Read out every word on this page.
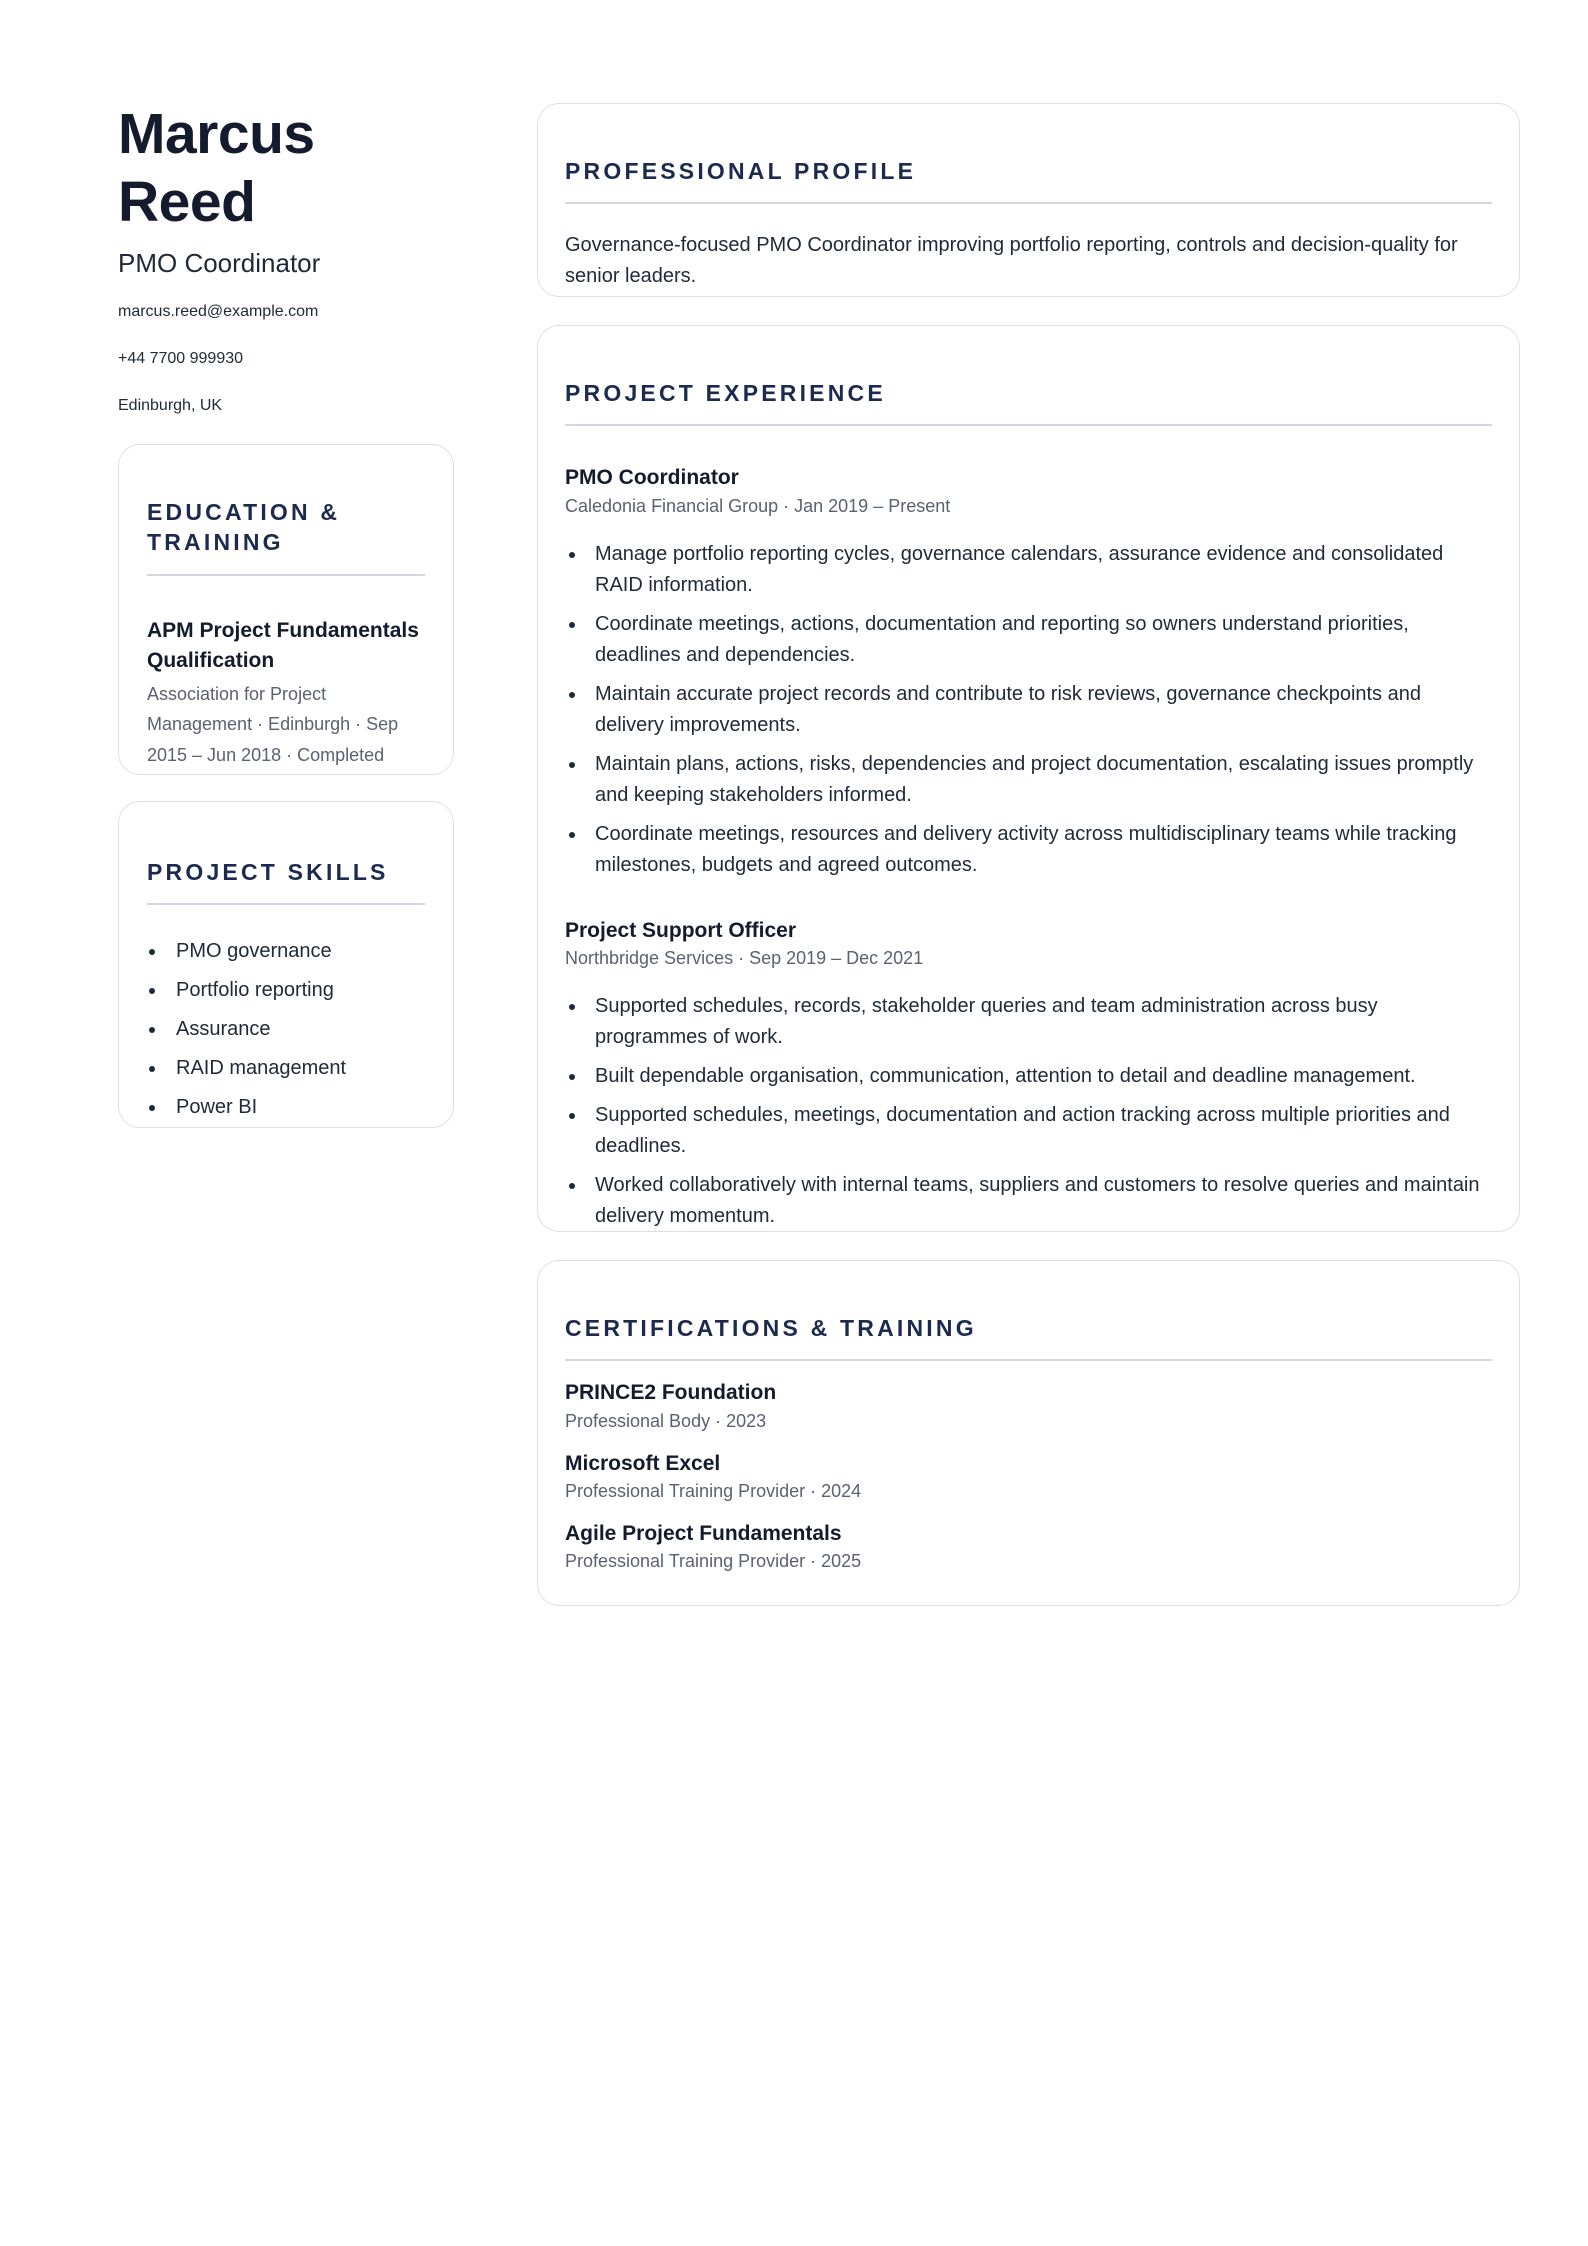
Marcus Reed
PMO Coordinator
marcus.reed@example.com
+44 7700 999930
Edinburgh, UK
EDUCATION & TRAINING
APM Project Fundamentals Qualification
Association for Project Management · Edinburgh · Sep 2015 – Jun 2018 · Completed
PROJECT SKILLS
PMO governance
Portfolio reporting
Assurance
RAID management
Power BI
PROFESSIONAL PROFILE

Governance-focused PMO Coordinator improving portfolio reporting, controls and decision-quality for senior leaders.

PROJECT EXPERIENCE
PMO Coordinator
Caledonia Financial Group · Jan 2019 – Present
Manage portfolio reporting cycles, governance calendars, assurance evidence and consolidated RAID information.
Coordinate meetings, actions, documentation and reporting so owners understand priorities, deadlines and dependencies.
Maintain accurate project records and contribute to risk reviews, governance checkpoints and delivery improvements.
Maintain plans, actions, risks, dependencies and project documentation, escalating issues promptly and keeping stakeholders informed.
Coordinate meetings, resources and delivery activity across multidisciplinary teams while tracking milestones, budgets and agreed outcomes.
Project Support Officer
Northbridge Services · Sep 2019 – Dec 2021
Supported schedules, records, stakeholder queries and team administration across busy programmes of work.
Built dependable organisation, communication, attention to detail and deadline management.
Supported schedules, meetings, documentation and action tracking across multiple priorities and deadlines.
Worked collaboratively with internal teams, suppliers and customers to resolve queries and maintain delivery momentum.
CERTIFICATIONS & TRAINING
PRINCE2 Foundation
Professional Body · 2023
Microsoft Excel
Professional Training Provider · 2024
Agile Project Fundamentals
Professional Training Provider · 2025
